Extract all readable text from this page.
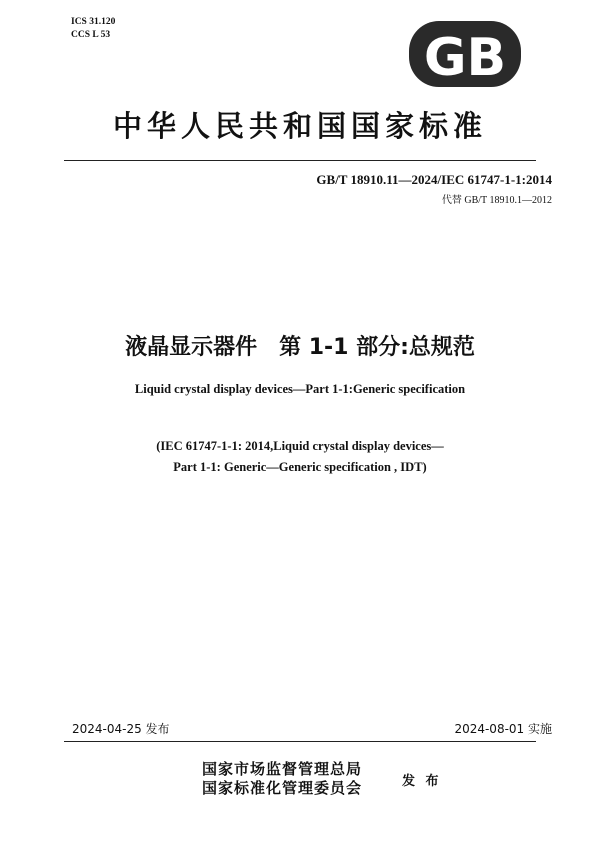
ICS 31.120
CCS L 53	GB
中华人民共和国国家标准
GB/T 18910.11—2024/IEC 61747-1-1:2014
代替 GB/T 18910.1—2012
液晶显示器件　第 1-1 部分:总规范
Liquid crystal display devices—Part 1-1:Generic specification
(IEC 61747-1-1: 2014,Liquid crystal display devices—
Part 1-1: Generic—Generic specification , IDT)
2024-04-25 发布	2024-08-01 实施
国家市场监督管理总局
国家标准化管理委员会	发 布
